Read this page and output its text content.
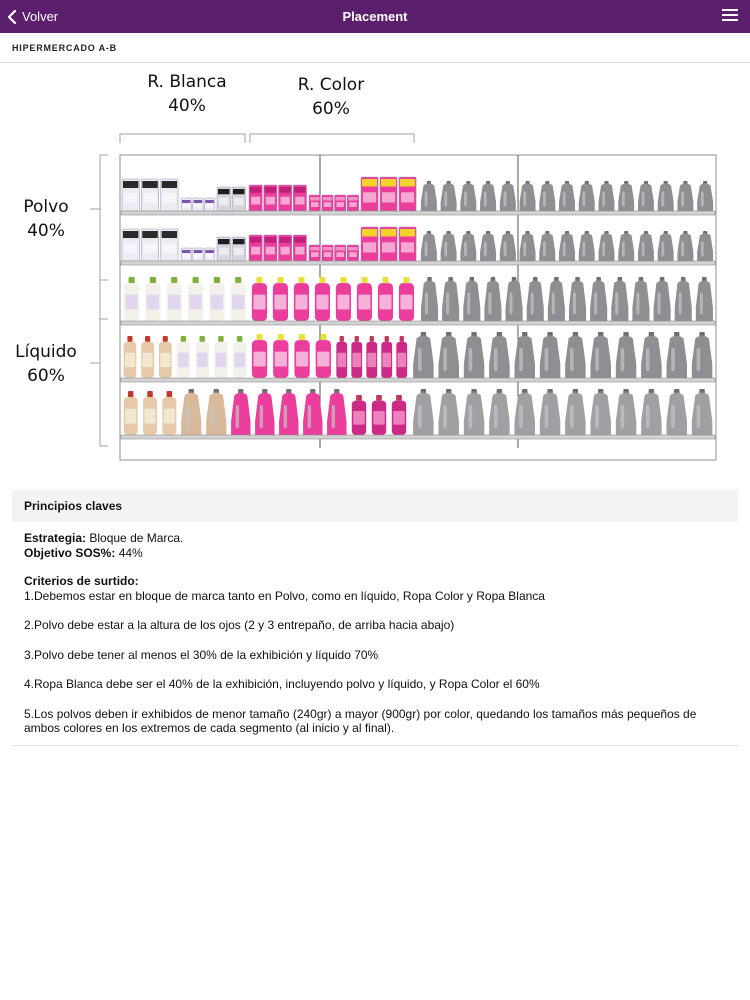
Volver	Placement
HIPERMERCADO A-B
R. Blanca
40%
R. Color
60%
Polvo
40%
Líquido
60%
Principios claves
Estrategia: Bloque de Marca.
Objetivo SOS%: 44%
Criterios de surtido:
1.Debemos estar en bloque de marca tanto en Polvo, como en líquido, Ropa Color y Ropa Blanca
2.Polvo debe estar a la altura de los ojos (2 y 3 entrepaño, de arriba hacia abajo)
3.Polvo debe tener al menos el 30% de la exhibición y líquido 70%
4.Ropa Blanca debe ser el 40% de la exhibición, incluyendo polvo y líquido, y Ropa Color el 60%
5.Los polvos deben ir exhibidos de menor tamaño (240gr) a mayor (900gr) por color, quedando los tamaños más pequeños de ambos colores en los extremos de cada segmento (al inicio y al final).
